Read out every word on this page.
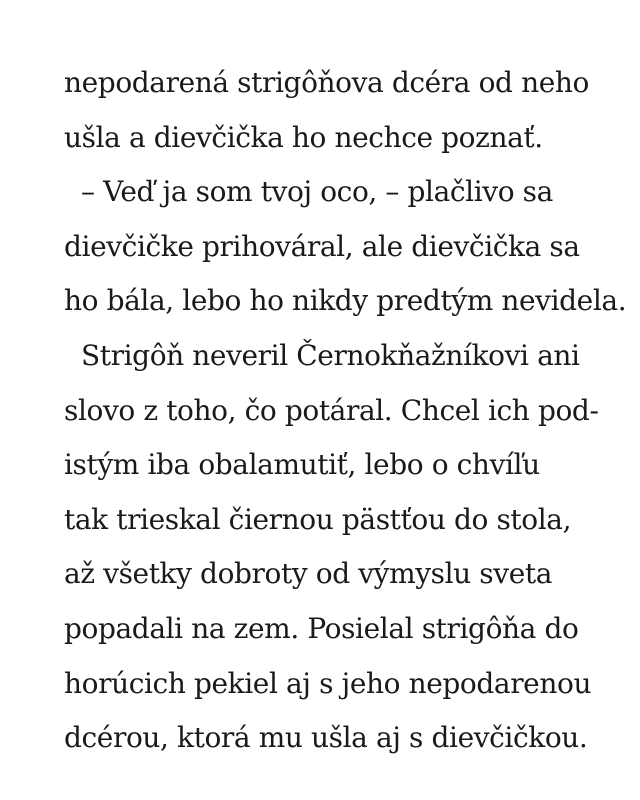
nepodarená strigôňova dcéra od neho
ušla a dievčička ho nechce poznať.
– Veď ja som tvoj oco, – plačlivo sa
dievčičke prihováral, ale dievčička sa
ho bála, lebo ho nikdy predtým nevidela.
Strigôň neveril Černokňažníkovi ani
slovo z toho, čo potáral. Chcel ich pod-
istým iba obalamutiť, lebo o chvíľu
tak trieskal čiernou pästťou do stola,
až všetky dobroty od výmyslu sveta
popadali na zem. Posielal strigôňa do
horúcich pekiel aj s jeho nepodarenou
dcérou, ktorá mu ušla aj s dievčičkou.
